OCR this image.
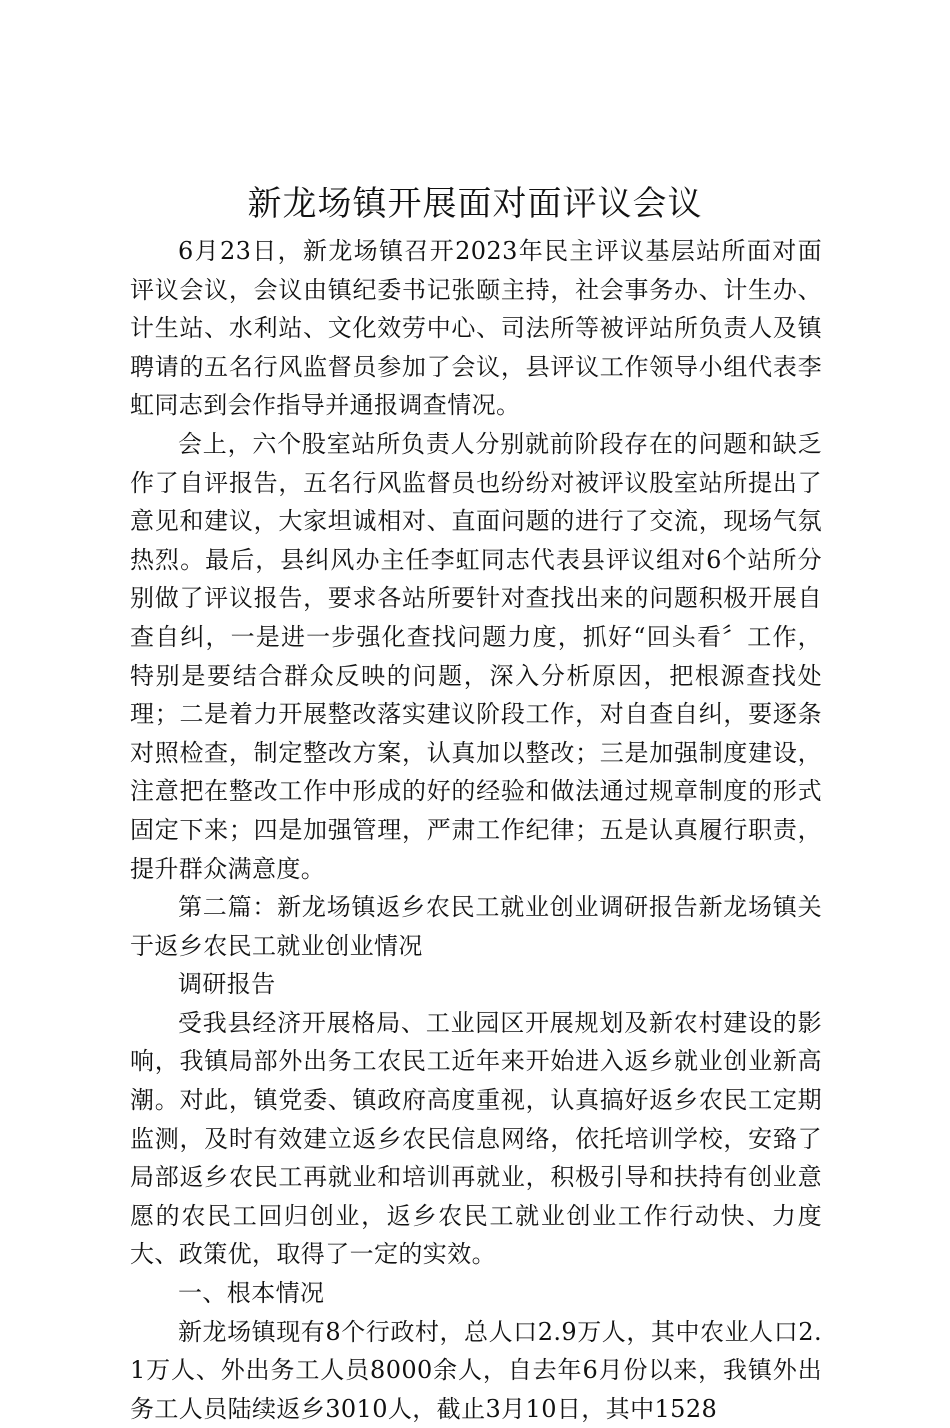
新龙场镇开展面对面评议会议

6月23日，新龙场镇召开2023年民主评议基层站所面对面评议会议，会议由镇纪委书记张颐主持，社会事务办、计生办、计生站、水利站、文化效劳中心、司法所等被评站所负责人及镇聘请的五名行风监督员参加了会议，县评议工作领导小组代表李虹同志到会作指导并通报调查情况。

会上，六个股室站所负责人分别就前阶段存在的问题和缺乏作了自评报告，五名行风监督员也纷纷对被评议股室站所提出了意见和建议，大家坦诚相对、直面问题的进行了交流，现场气氛热烈。最后，县纠风办主任李虹同志代表县评议组对6个站所分别做了评议报告，要求各站所要针对查找出来的问题积极开展自查自纠，一是进一步强化查找问题力度，抓好“回头看〞工作，特别是要结合群众反映的问题，深入分析原因，把根源查找处理；二是着力开展整改落实建议阶段工作，对自查自纠，要逐条对照检查，制定整改方案，认真加以整改；三是加强制度建设，注意把在整改工作中形成的好的经验和做法通过规章制度的形式固定下来；四是加强管理，严肃工作纪律；五是认真履行职责，提升群众满意度。

第二篇：新龙场镇返乡农民工就业创业调研报告新龙场镇关于返乡农民工就业创业情况

调研报告

受我县经济开展格局、工业园区开展规划及新农村建设的影响，我镇局部外出务工农民工近年来开始进入返乡就业创业新高潮。对此，镇党委、镇政府高度重视，认真搞好返乡农民工定期监测，及时有效建立返乡农民信息网络，依托培训学校，安臵了局部返乡农民工再就业和培训再就业，积极引导和扶持有创业意愿的农民工回归创业，返乡农民工就业创业工作行动快、力度大、政策优，取得了一定的实效。

一、根本情况

新龙场镇现有8个行政村，总人口2.9万人，其中农业人口2.1万人、外出务工人员8000余人，自去年6月份以来，我镇外出务工人员陆续返乡3010人，截止3月10日，其中1528
